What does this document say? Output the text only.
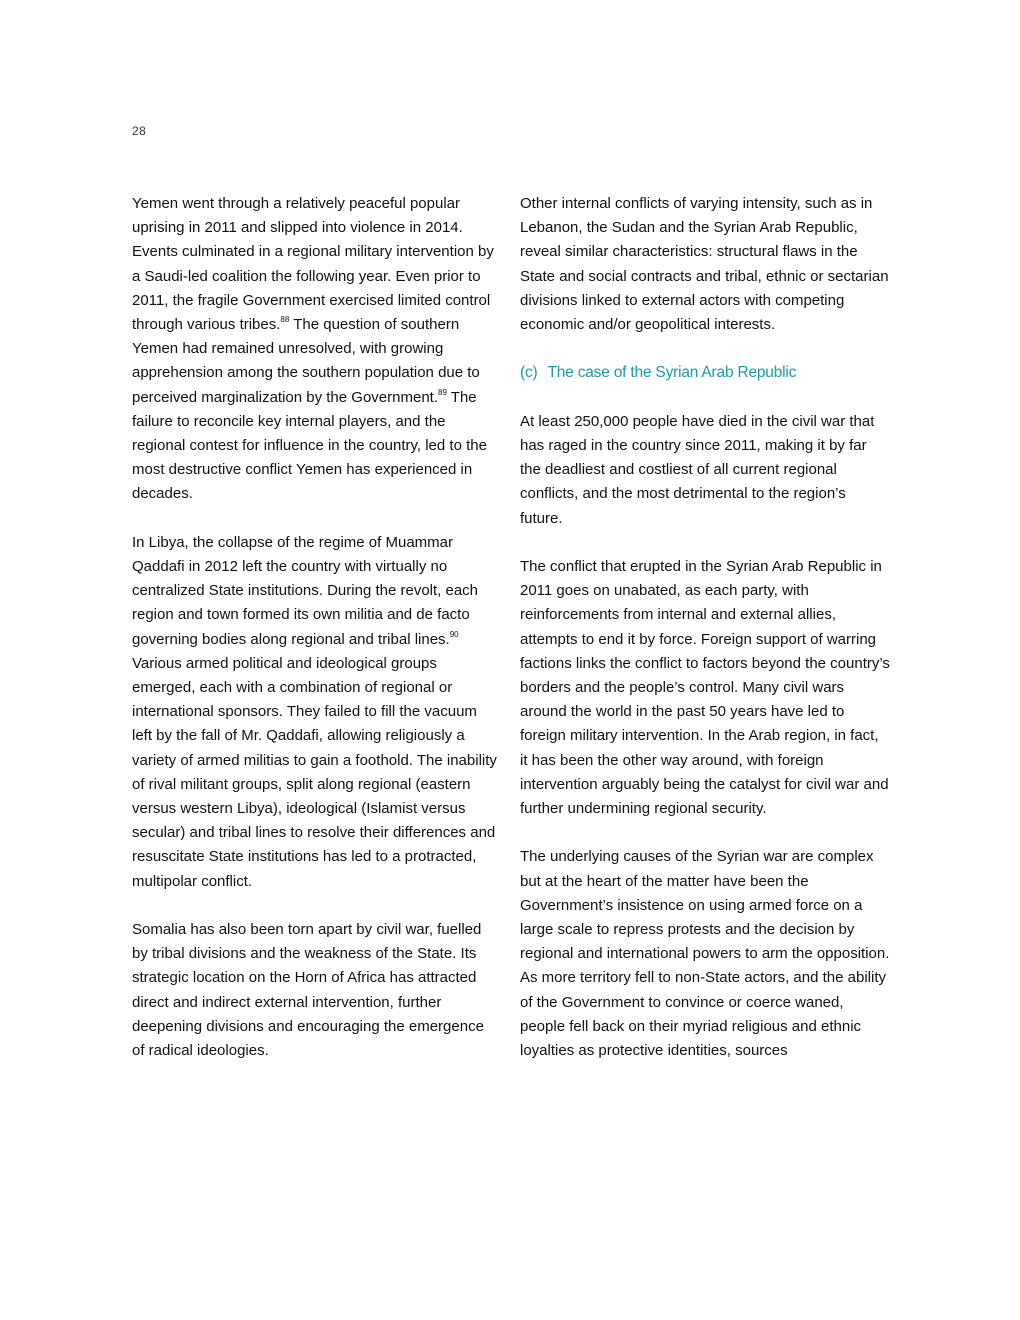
28

Yemen went through a relatively peaceful popular uprising in 2011 and slipped into violence in 2014. Events culminated in a regional military intervention by a Saudi-led coalition the following year. Even prior to 2011, the fragile Government exercised limited control through various tribes.$^{88}$ The question of southern Yemen had remained unresolved, with growing apprehension among the southern population due to perceived marginalization by the Government.$^{89}$ The failure to reconcile key internal players, and the regional contest for influence in the country, led to the most destructive conflict Yemen has experienced in decades.

In Libya, the collapse of the regime of Muammar Qaddafi in 2012 left the country with virtually no centralized State institutions. During the revolt, each region and town formed its own militia and de facto governing bodies along regional and tribal lines.$^{90}$ Various armed political and ideological groups emerged, each with a combination of regional or international sponsors. They failed to fill the vacuum left by the fall of Mr. Qaddafi, allowing religiously a variety of armed militias to gain a foothold. The inability of rival militant groups, split along regional (eastern versus western Libya), ideological (Islamist versus secular) and tribal lines to resolve their differences and resuscitate State institutions has led to a protracted, multipolar conflict.

Somalia has also been torn apart by civil war, fuelled by tribal divisions and the weakness of the State. Its strategic location on the Horn of Africa has attracted direct and indirect external intervention, further deepening divisions and encouraging the emergence of radical ideologies.

Other internal conflicts of varying intensity, such as in Lebanon, the Sudan and the Syrian Arab Republic, reveal similar characteristics: structural flaws in the State and social contracts and tribal, ethnic or sectarian divisions linked to external actors with competing economic and/or geopolitical interests.

(c) The case of the Syrian Arab Republic

At least 250,000 people have died in the civil war that has raged in the country since 2011, making it by far the deadliest and costliest of all current regional conflicts, and the most detrimental to the region’s future.

The conflict that erupted in the Syrian Arab Republic in 2011 goes on unabated, as each party, with reinforcements from internal and external allies, attempts to end it by force. Foreign support of warring factions links the conflict to factors beyond the country’s borders and the people’s control. Many civil wars around the world in the past 50 years have led to foreign military intervention. In the Arab region, in fact, it has been the other way around, with foreign intervention arguably being the catalyst for civil war and further undermining regional security.

The underlying causes of the Syrian war are complex but at the heart of the matter have been the Government’s insistence on using armed force on a large scale to repress protests and the decision by regional and international powers to arm the opposition. As more territory fell to non-State actors, and the ability of the Government to convince or coerce waned, people fell back on their myriad religious and ethnic loyalties as protective identities, sources
